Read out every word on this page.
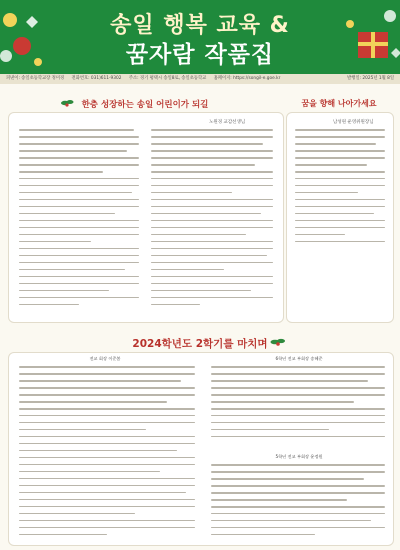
송일 행복 교육 &
꿈자람 작품집
펴낸이: 송일초등학교장 정미경 전화번호: 031)611-9302 주소: 경기 평택시 송일8로, 송일초등학교 홈페이지: https://songil-e.goe.kr	발행일: 2025년 1월 8일
한층 성장하는 송일 어린이가 되길
노원경 교감선생님
꿈을 향해 나아가세요
남성원 운영위원장님
2024학년도 2학기를 마치며
전교 회장 이준봄	6학년 전교 부회장 송혜준
5학년 전교 부회장 윤정원
